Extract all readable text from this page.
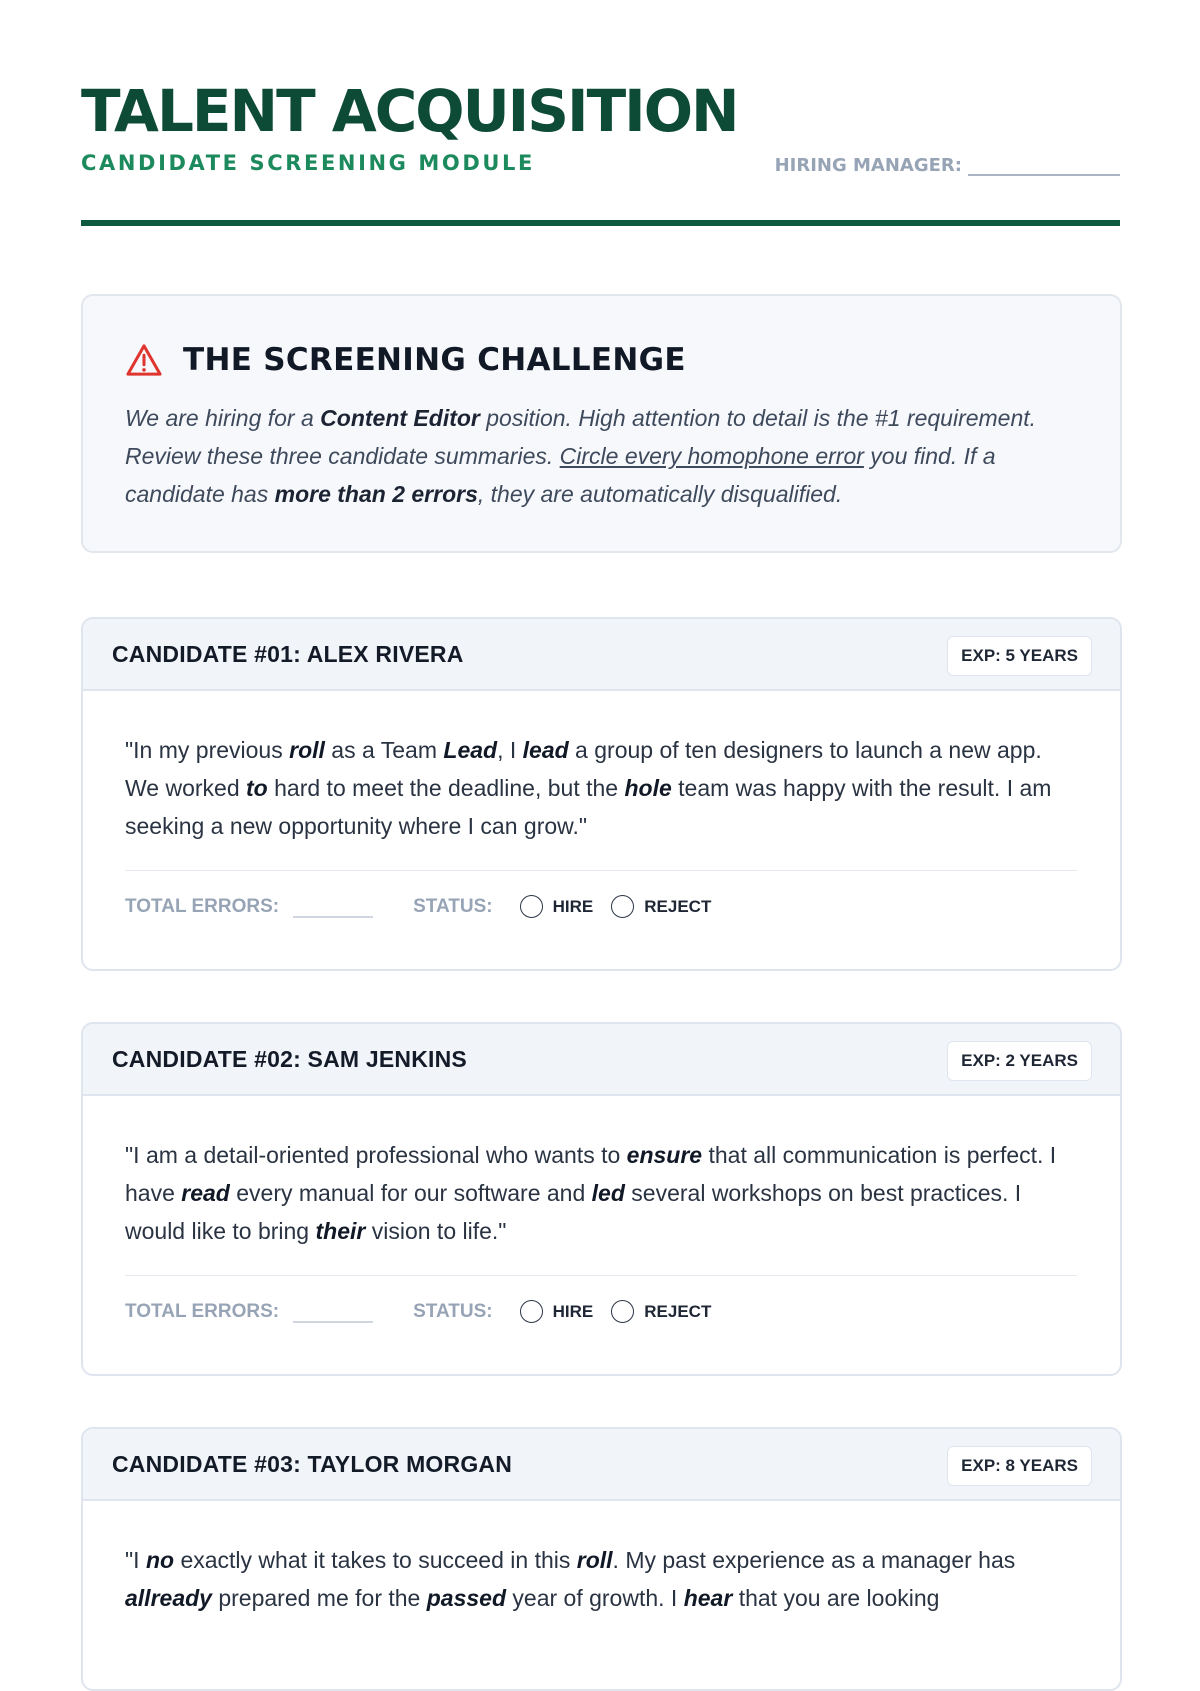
TALENT ACQUISITION
CANDIDATE SCREENING MODULE	HIRING MANAGER:
THE SCREENING CHALLENGE
We are hiring for a Content Editor position. High attention to detail is the #1 requirement. Review these three candidate summaries. Circle every homophone error you find. If a candidate has more than 2 errors, they are automatically disqualified.
CANDIDATE #01: ALEX RIVERA	EXP: 5 YEARS
"In my previous roll as a Team Lead, I lead a group of ten designers to launch a new app. We worked to hard to meet the deadline, but the hole team was happy with the result. I am seeking a new opportunity where I can grow."
TOTAL ERRORS:	STATUS:	HIRE	REJECT
CANDIDATE #02: SAM JENKINS	EXP: 2 YEARS
"I am a detail-oriented professional who wants to ensure that all communication is perfect. I have read every manual for our software and led several workshops on best practices. I would like to bring their vision to life."
TOTAL ERRORS:	STATUS:	HIRE	REJECT
CANDIDATE #03: TAYLOR MORGAN	EXP: 8 YEARS
"I no exactly what it takes to succeed in this roll. My past experience as a manager has allready prepared me for the passed year of growth. I hear that you are looking
